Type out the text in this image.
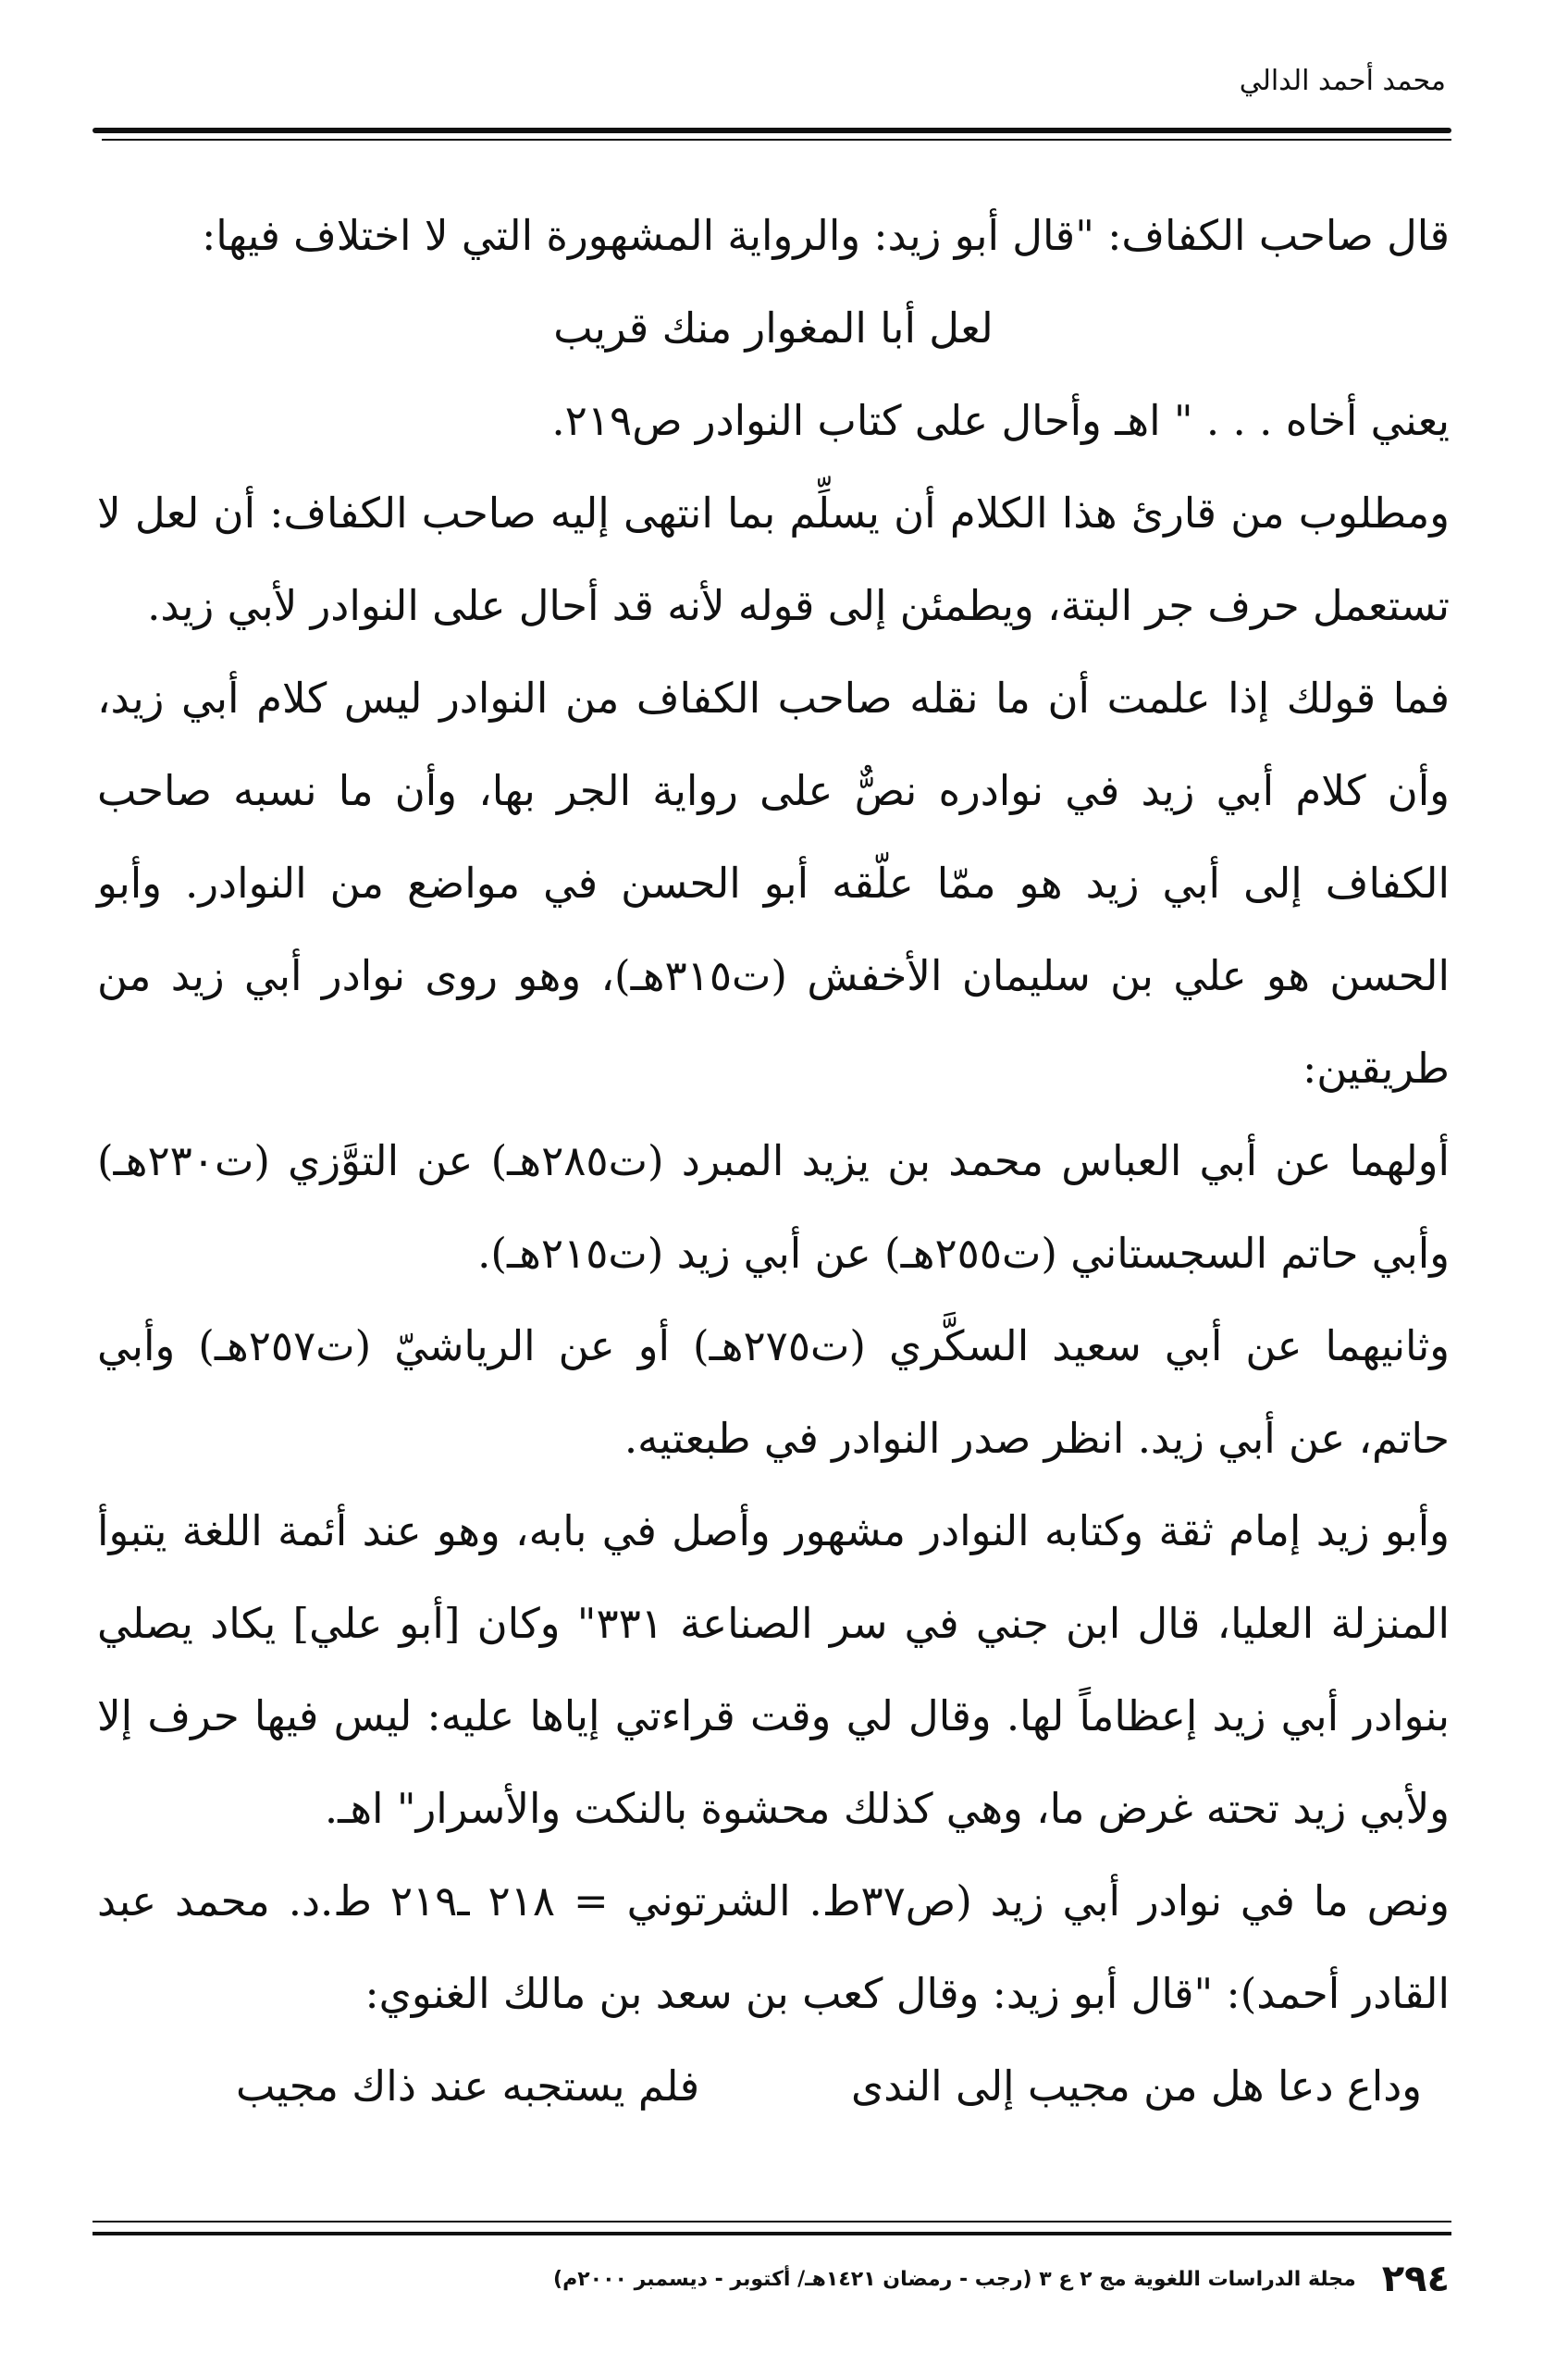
محمد أحمد الدالي

قال صاحب الكفاف: "قال أبو زيد: والرواية المشهورة التي لا اختلاف فيها:

لعل أبا المغوار منك قريب

يعني أخاه . . . " اهـ وأحال على كتاب النوادر ص٢١٩.

ومطلوب من قارئ هذا الكلام أن يسلِّم بما انتهى إليه صاحب الكفاف: أن لعل لا تستعمل حرف جر البتة، ويطمئن إلى قوله لأنه قد أحال على النوادر لأبي زيد.

فما قولك إذا علمت أن ما نقله صاحب الكفاف من النوادر ليس كلام أبي زيد، وأن كلام أبي زيد في نوادره نصٌّ على رواية الجر بها، وأن ما نسبه صاحب الكفاف إلى أبي زيد هو ممّا علّقه أبو الحسن في مواضع من النوادر. وأبو الحسن هو علي بن سليمان الأخفش (ت٣١٥هـ)، وهو روى نوادر أبي زيد من طريقين:

أولهما عن أبي العباس محمد بن يزيد المبرد (ت٢٨٥هـ) عن التوَّزي (ت٢٣٠هـ) وأبي حاتم السجستاني (ت٢٥٥هـ) عن أبي زيد (ت٢١٥هـ).

وثانيهما عن أبي سعيد السكَّري (ت٢٧٥هـ) أو عن الرياشيّ (ت٢٥٧هـ) وأبي حاتم، عن أبي زيد. انظر صدر النوادر في طبعتيه.

وأبو زيد إمام ثقة وكتابه النوادر مشهور وأصل في بابه، وهو عند أئمة اللغة يتبوأ المنزلة العليا، قال ابن جني في سر الصناعة ٣٣١" وكان [أبو علي] يكاد يصلي بنوادر أبي زيد إعظاماً لها. وقال لي وقت قراءتي إياها عليه: ليس فيها حرف إلا ولأبي زيد تحته غرض ما، وهي كذلك محشوة بالنكت والأسرار" اهـ.

ونص ما في نوادر أبي زيد (ص٣٧ط. الشرتوني = ٢١٨ ـ٢١٩ ط.د. محمد عبد القادر أحمد): "قال أبو زيد: وقال كعب بن سعد بن مالك الغنوي:

وداع دعا هل من مجيب إلى الندى
فلم يستجبه عند ذاك مجيب
٢٩٤
مجلة الدراسات اللغوية مج ٢ ع ٣ (رجب - رمضان ١٤٢١هـ/ أكتوبر - ديسمبر ٢٠٠٠م)
